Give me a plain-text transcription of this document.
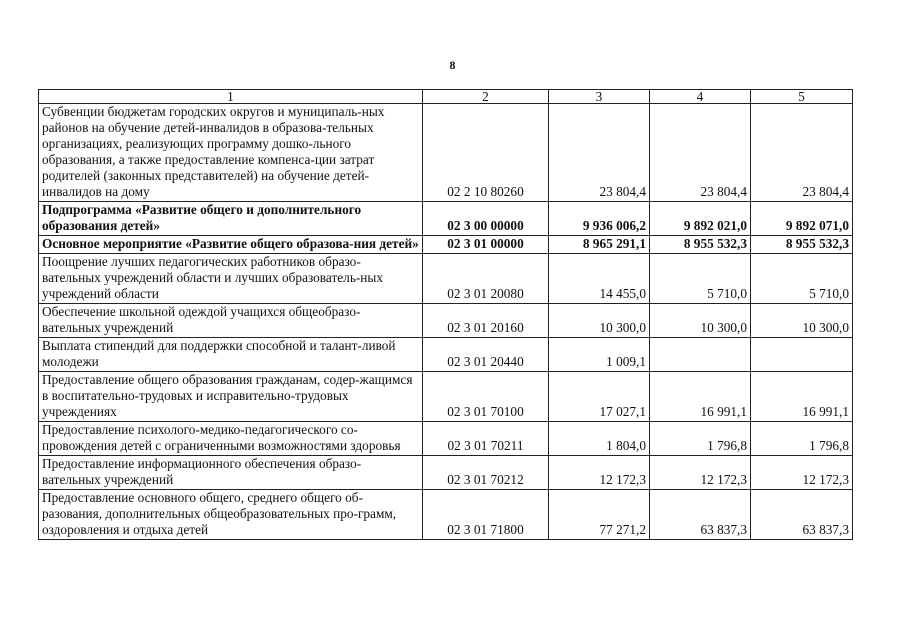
8
1	2	3	4	5
Субвенции бюджетам городских округов и муниципаль-ных районов на обучение детей-инвалидов в образова-тельных организациях, реализующих программу дошко-льного образования, а также предоставление компенса-ции затрат родителей (законных представителей) на обучение детей-инвалидов на дому	02 2 10 80260	23 804,4	23 804,4	23 804,4
Подпрограмма «Развитие общего и дополнительного образования детей»	02 3 00 00000	9 936 006,2	9 892 021,0	9 892 071,0
Основное мероприятие «Развитие общего образова-ния детей»	02 3 01 00000	8 965 291,1	8 955 532,3	8 955 532,3
Поощрение лучших педагогических работников образо-вательных учреждений области и лучших образователь-ных учреждений области	02 3 01 20080	14 455,0	5 710,0	5 710,0
Обеспечение школьной одеждой учащихся общеобразо-вательных учреждений	02 3 01 20160	10 300,0	10 300,0	10 300,0
Выплата стипендий для поддержки способной и талант-ливой молодежи	02 3 01 20440	1 009,1		
Предоставление общего образования гражданам, содер-жащимся в воспитательно-трудовых и исправительно-трудовых учреждениях	02 3 01 70100	17 027,1	16 991,1	16 991,1
Предоставление психолого-медико-педагогического со-провождения детей с ограниченными возможностями здоровья	02 3 01 70211	1 804,0	1 796,8	1 796,8
Предоставление информационного обеспечения образо-вательных учреждений	02 3 01 70212	12 172,3	12 172,3	12 172,3
Предоставление основного общего, среднего общего об-разования, дополнительных общеобразовательных про-грамм, оздоровления и отдыха детей	02 3 01 71800	77 271,2	63 837,3	63 837,3
